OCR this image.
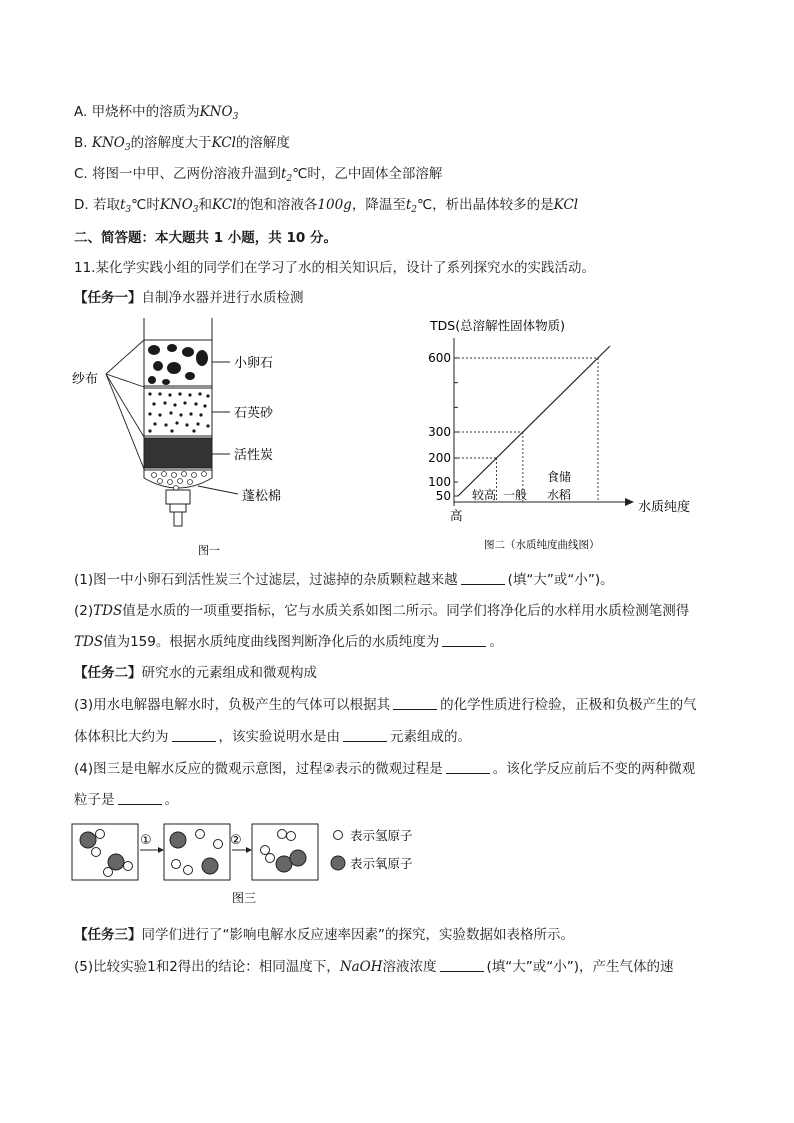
A. 甲烧杯中的溶质为$KNO_3$
B. $KNO_3$的溶解度大于KCl的溶解度
C. 将图一中甲、乙两份溶液升温到$t_2℃$时，乙中固体全部溶解
D. 若取$t_3℃$时$KNO_3$和KCl的饱和溶液各100g，降温至$t_2℃$，析出晶体较多的是KCl
二、简答题：本大题共 1 小题，共 10 分。
11.某化学实践小组的同学们在学习了水的相关知识后，设计了系列探究水的实践活动。
【任务一】自制净水器并进行水质检测
纱布
小卵石
石英砂
活性炭
蓬松棉
图一
TDS(总溶解性固体物质)
水质纯度
高
600
300
200
100
50 较高 一般
食储
水稻
图二（水质纯度曲线图）
(1)图一中小卵石到活性炭三个过滤层，过滤掉的杂质颗粒越来越	(填“大”或“小”)。
(2)TDS值是水质的一项重要指标，它与水质关系如图二所示。同学们将净化后的水样用水质检测笔测得
TDS值为159。根据水质纯度曲线图判断净化后的水质纯度为	。
【任务二】研究水的元素组成和微观构成
(3)用水电解器电解水时，负极产生的气体可以根据其	的化学性质进行检验，正极和负极产生的气
体体积比大约为	，该实验说明水是由	元素组成的。
(4)图三是电解水反应的微观示意图，过程②表示的微观过程是	。该化学反应前后不变的两种微观
粒子是	。
①	②	表示氢原子
表示氧原子
图三
【任务三】同学们进行了“影响电解水反应速率因素”的探究，实验数据如表格所示。
(5)比较实验1和2得出的结论：相同温度下，NaOH溶液浓度	(填“大”或“小”)，产生气体的速
